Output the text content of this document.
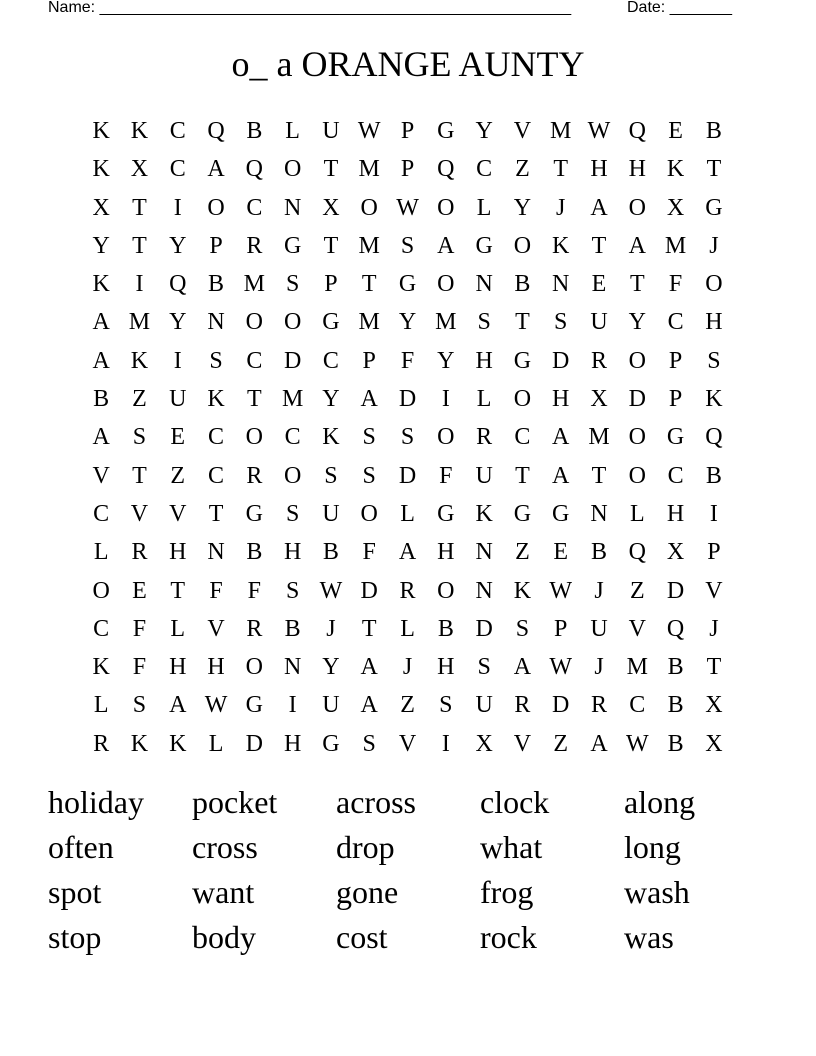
Name: _____________________________________________________	Date: _______
o_ a ORANGE AUNTY
K K C Q B L U W P G Y V M W Q E B
K X C A Q O T M P Q C Z T H H K T
X T	I	O C N X O W O L Y	J	A O X G
Y T Y P R G T M S A G O K T A M J
K	I	Q B M S	P	T G O N B N E T	F O
A M Y N O O G M Y M S	T	S U Y C H
A K	I	S C D C P	F Y H G D R O P	S
B Z U K T M Y A D	I	L O H X D P K
A S	E C O C K S	S O R C A M O G Q
V T Z C R O S	S D F U T A T O C B
C V V T G S U O L G K G G N L H	I
L R H N B H B F A H N Z E B Q X P
O E T	F	F	S W D R O N K W J	Z D V
C F	L V R B	J	T L B D S	P U V Q	J
K F H H O N Y A	J	H S A W J M B T
L	S A W G	I	U A Z	S U R D R C B X
R K K L D H G S V	I	X V Z A W B X
holiday	pocket	across	clock	along
often	cross	drop	what	long
spot	want	gone	frog	wash
stop	body	cost	rock	was
